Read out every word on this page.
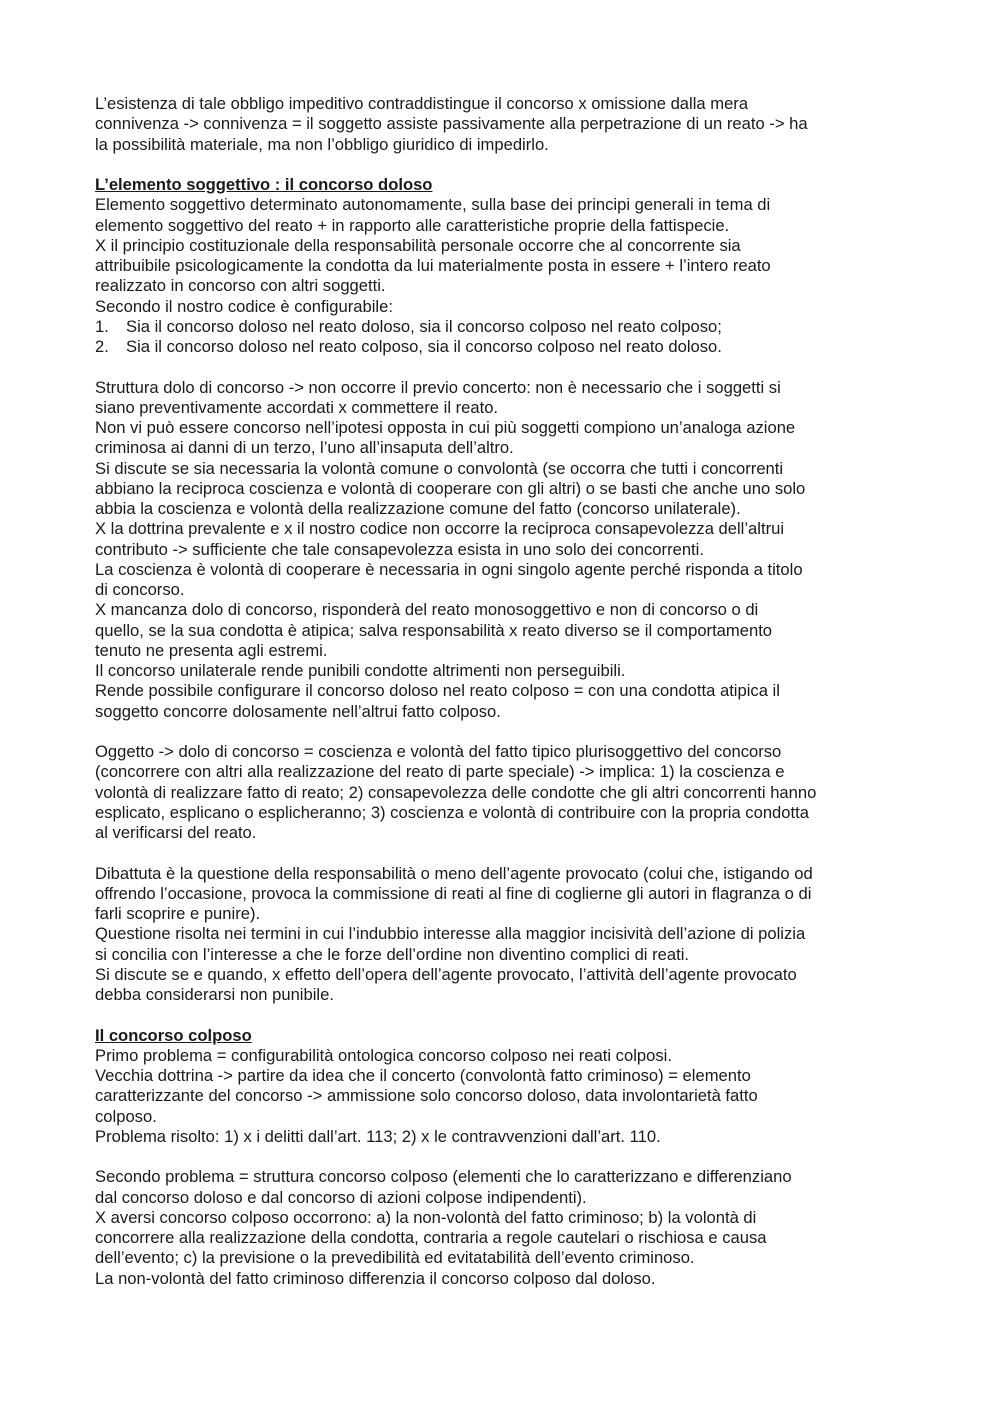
L’esistenza di tale obbligo impeditivo contraddistingue il concorso x omissione dalla mera

connivenza -> connivenza = il soggetto assiste passivamente alla perpetrazione di un reato -> ha

la possibilità materiale, ma non l’obbligo giuridico di impedirlo.

L’elemento soggettivo : il concorso doloso

Elemento soggettivo determinato autonomamente, sulla base dei principi generali in tema di

elemento soggettivo del reato + in rapporto alle caratteristiche proprie della fattispecie.

X il principio costituzionale della responsabilità personale occorre che al concorrente sia

attribuibile psicologicamente la condotta da lui materialmente posta in essere + l’intero reato

realizzato in concorso con altri soggetti.

Secondo il nostro codice è configurabile:

1.	Sia il concorso doloso nel reato doloso, sia il concorso colposo nel reato colposo;

2.	Sia il concorso doloso nel reato colposo, sia il concorso colposo nel reato doloso.

Struttura dolo di concorso -> non occorre il previo concerto: non è necessario che i soggetti si

siano preventivamente accordati x commettere il reato.

Non vi può essere concorso nell’ipotesi opposta in cui più soggetti compiono un’analoga azione

criminosa ai danni di un terzo, l’uno all’insaputa dell’altro.

Si discute se sia necessaria la volontà comune o convolontà (se occorra che tutti i concorrenti

abbiano la reciproca coscienza e volontà di cooperare con gli altri) o se basti che anche uno solo

abbia la coscienza e volontà della realizzazione comune del fatto (concorso unilaterale).

X la dottrina prevalente e x il nostro codice non occorre la reciproca consapevolezza dell’altrui

contributo -> sufficiente che tale consapevolezza esista in uno solo dei concorrenti.

La coscienza è volontà di cooperare è necessaria in ogni singolo agente perché risponda a titolo

di concorso.

X mancanza dolo di concorso, risponderà del reato monosoggettivo e non di concorso o di

quello, se la sua condotta è atipica; salva responsabilità x reato diverso se il comportamento

tenuto ne presenta agli estremi.

Il concorso unilaterale rende punibili condotte altrimenti non perseguibili.

Rende possibile configurare il concorso doloso nel reato colposo = con una condotta atipica il

soggetto concorre dolosamente nell’altrui fatto colposo.

Oggetto -> dolo di concorso = coscienza e volontà del fatto tipico plurisoggettivo del concorso

(concorrere con altri alla realizzazione del reato di parte speciale) -> implica: 1) la coscienza e

volontà di realizzare fatto di reato; 2) consapevolezza delle condotte che gli altri concorrenti hanno

esplicato, esplicano o esplicheranno; 3) coscienza e volontà di contribuire con la propria condotta

al verificarsi del reato.

Dibattuta è la questione della responsabilità o meno dell’agente provocato (colui che, istigando od

offrendo l’occasione, provoca la commissione di reati al fine di coglierne gli autori in flagranza o di

farli scoprire e punire).

Questione risolta nei termini in cui l’indubbio interesse alla maggior incisività dell’azione di polizia

si concilia con l’interesse a che le forze dell’ordine non diventino complici di reati.

Si discute se e quando, x effetto dell’opera dell’agente provocato, l’attività dell’agente provocato

debba considerarsi non punibile.

Il concorso colposo

Primo problema = configurabilità ontologica concorso colposo nei reati colposi.

Vecchia dottrina -> partire da idea che il concerto (convolontà fatto criminoso) = elemento

caratterizzante del concorso -> ammissione solo concorso doloso, data involontarietà fatto

colposo.

Problema risolto: 1) x i delitti dall’art. 113; 2) x le contravvenzioni dall’art. 110.

Secondo problema = struttura concorso colposo (elementi che lo caratterizzano e differenziano

dal concorso doloso e dal concorso di azioni colpose indipendenti).

X aversi concorso colposo occorrono: a) la non-volontà del fatto criminoso; b) la volontà di

concorrere alla realizzazione della condotta, contraria a regole cautelari o rischiosa e causa

dell’evento; c) la previsione o la prevedibilità ed evitatabilità dell’evento criminoso.

La non-volontà del fatto criminoso differenzia il concorso colposo dal doloso.
